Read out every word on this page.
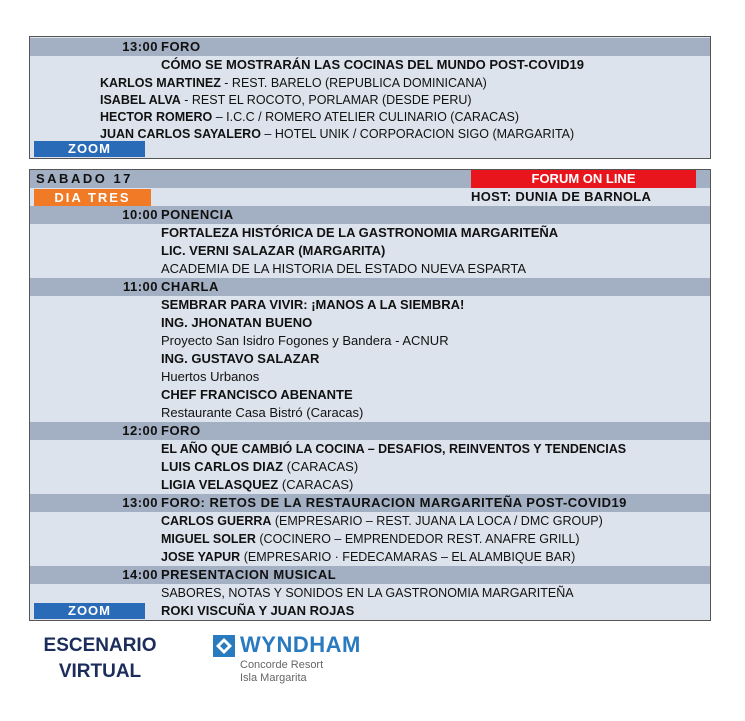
13:00 FORO
CÓMO SE MOSTRARÁN LAS COCINAS DEL MUNDO POST-COVID19
KARLOS MARTINEZ - REST. BARELO (REPUBLICA DOMINICANA)
ISABEL ALVA - REST EL ROCOTO, PORLAMAR (DESDE PERU)
HECTOR ROMERO – I.C.C / ROMERO ATELIER CULINARIO (CARACAS)
JUAN CARLOS SAYALERO – HOTEL UNIK / CORPORACION SIGO (MARGARITA)
ZOOM
SABADO 17	FORUM ON LINE
DIA TRES	HOST: DUNIA DE BARNOLA
10:00 PONENCIA
FORTALEZA HISTÓRICA DE LA GASTRONOMIA MARGARITEÑA
LIC. VERNI SALAZAR (MARGARITA)
ACADEMIA DE LA HISTORIA DEL ESTADO NUEVA ESPARTA
11:00 CHARLA
SEMBRAR PARA VIVIR: ¡MANOS A LA SIEMBRA!
ING. JHONATAN BUENO
Proyecto San Isidro Fogones y Bandera - ACNUR
ING. GUSTAVO SALAZAR
Huertos Urbanos
CHEF FRANCISCO ABENANTE
Restaurante Casa Bistró (Caracas)
12:00 FORO
EL AÑO QUE CAMBIÓ LA COCINA – DESAFIOS, REINVENTOS Y TENDENCIAS
LUIS CARLOS DIAZ (CARACAS)
LIGIA VELASQUEZ (CARACAS)
13:00 FORO: RETOS DE LA RESTAURACION MARGARITEÑA POST-COVID19
CARLOS GUERRA (EMPRESARIO – REST. JUANA LA LOCA / DMC GROUP)
MIGUEL SOLER (COCINERO – EMPRENDEDOR REST. ANAFRE GRILL)
JOSE YAPUR (EMPRESARIO · FEDECAMARAS – EL ALAMBIQUE BAR)
14:00 PRESENTACION MUSICAL
SABORES, NOTAS Y SONIDOS EN LA GASTRONOMIA MARGARITEÑA
ZOOM	ROKI VISCUÑA Y JUAN ROJAS
ESCENARIO
VIRTUAL
WYNDHAM
Concorde Resort
Isla Margarita
